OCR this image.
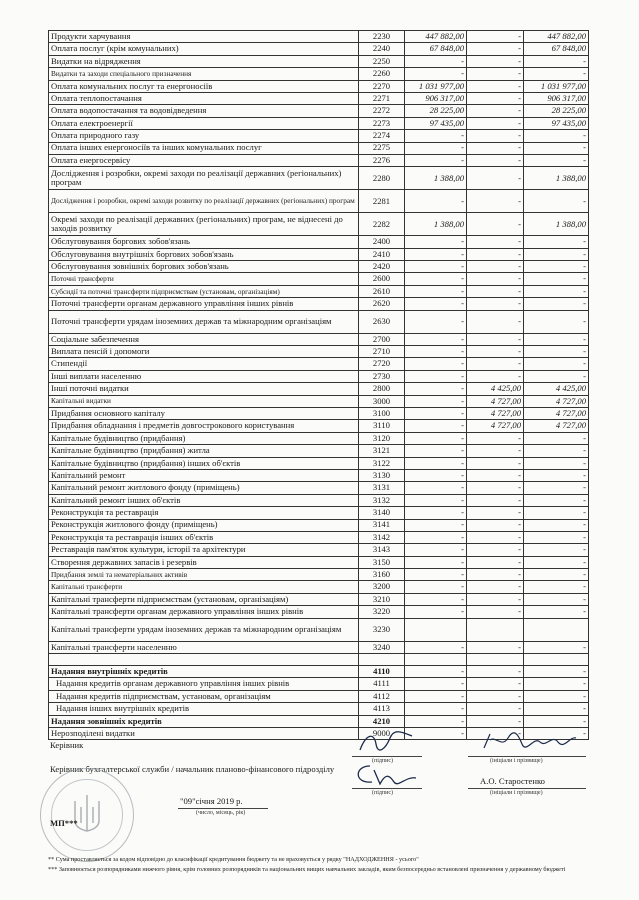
Продукти харчування	2230	447 882,00	-	447 882,00
Оплата послуг (крім комунальних)	2240	67 848,00	-	67 848,00
Видатки на відрядження	2250	-	-	-
Видатки та заходи спеціального призначення	2260	-	-	-
Оплата комунальних послуг та енергоносіїв	2270	1 031 977,00	-	1 031 977,00
Оплата теплопостачання	2271	906 317,00	-	906 317,00
Оплата водопостачання та водовідведення	2272	28 225,00	-	28 225,00
Оплата електроенергії	2273	97 435,00	-	97 435,00
Оплата природного газу	2274	-	-	-
Оплата інших енергоносіїв та інших комунальних послуг	2275	-	-	-
Оплата енергосервісу	2276	-	-	-
Дослідження і розробки, окремі заходи по реалізації державних (регіональних) програм	2280	1 388,00	-	1 388,00
Дослідження і розробки, окремі заходи розвитку по реалізації державних (регіональних) програм	2281	-	-	-
Окремі заходи по реалізації державних (регіональних) програм, не віднесені до заходів розвитку	2282	1 388,00	-	1 388,00
Обслуговування боргових зобов'язань	2400	-	-	-
Обслуговування внутрішніх боргових зобов'язань	2410	-	-	-
Обслуговування зовнішніх боргових зобов'язань	2420	-	-	-
Поточні трансферти	2600	-	-	-
Субсидії та поточні трансферти підприємствам (установам, організаціям)	2610	-	-	-
Поточні трансферти органам державного управління інших рівнів	2620	-	-	-
Поточні трансферти урядам іноземних держав та міжнародним організаціям	2630	-	-	-
Соціальне забезпечення	2700	-	-	-
Виплата пенсій і допомоги	2710	-	-	-
Стипендії	2720	-	-	-
Інші виплати населенню	2730	-	-	-
Інші поточні видатки	2800	-	4 425,00	4 425,00
Капітальні видатки	3000	-	4 727,00	4 727,00
Придбання основного капіталу	3100	-	4 727,00	4 727,00
Придбання обладнання і предметів довгострокового користування	3110	-	4 727,00	4 727,00
Капітальне будівництво (придбання)	3120	-	-	-
Капітальне будівництво (придбання) житла	3121	-	-	-
Капітальне будівництво (придбання) інших об'єктів	3122	-	-	-
Капітальний ремонт	3130	-	-	-
Капітальний ремонт житлового фонду (приміщень)	3131	-	-	-
Капітальний ремонт інших об'єктів	3132	-	-	-
Реконструкція та реставрація	3140	-	-	-
Реконструкція житлового фонду (приміщень)	3141	-	-	-
Реконструкція та реставрація інших об'єктів	3142	-	-	-
Реставрація пам'яток культури, історії та архітектури	3143	-	-	-
Створення державних запасів і резервів	3150	-	-	-
Придбання землі та нематеріальних активів	3160	-	-	-
Капітальні трансферти	3200	-	-	-
Капітальні трансферти підприємствам (установам, організаціям)	3210	-	-	-
Капітальні трансферти органам державного управління інших рівнів	3220	-	-	-
Капітальні трансферти урядам іноземних держав та міжнародним організаціям	3230			
Капітальні трансферти населенню	3240	-	-	-

Надання внутрішніх кредитів	4110	-	-	-
Надання кредитів органам державного управління інших рівнів	4111	-	-	-
Надання кредитів підприємствам, установам, організаціям	4112	-	-	-
Надання інших внутрішніх кредитів	4113	-	-	-
Надання зовнішніх кредитів	4210	-	-	-
Нерозподілені видатки	9000	-	-	-
Керівник
(підпис)	(ініціали і прізвище)
Керівник бухгалтерської служби / начальник планово-фінансового підрозділу
(підпис)
А.О. Старостенко
(ініціали і прізвище)
"09"січня 2019 р.
(число, місяць, рік)
МП***
** Сума проставляється за кодом відповідно до класифікації кредитування бюджету та не враховується у рядку "НАДХОДЖЕННЯ - усього"
*** Заповнюється розпорядниками нижчого рівня, крім головних розпорядників та національних вищих навчальних закладів, яким безпосередньо встановлені призначення у державному бюджеті
